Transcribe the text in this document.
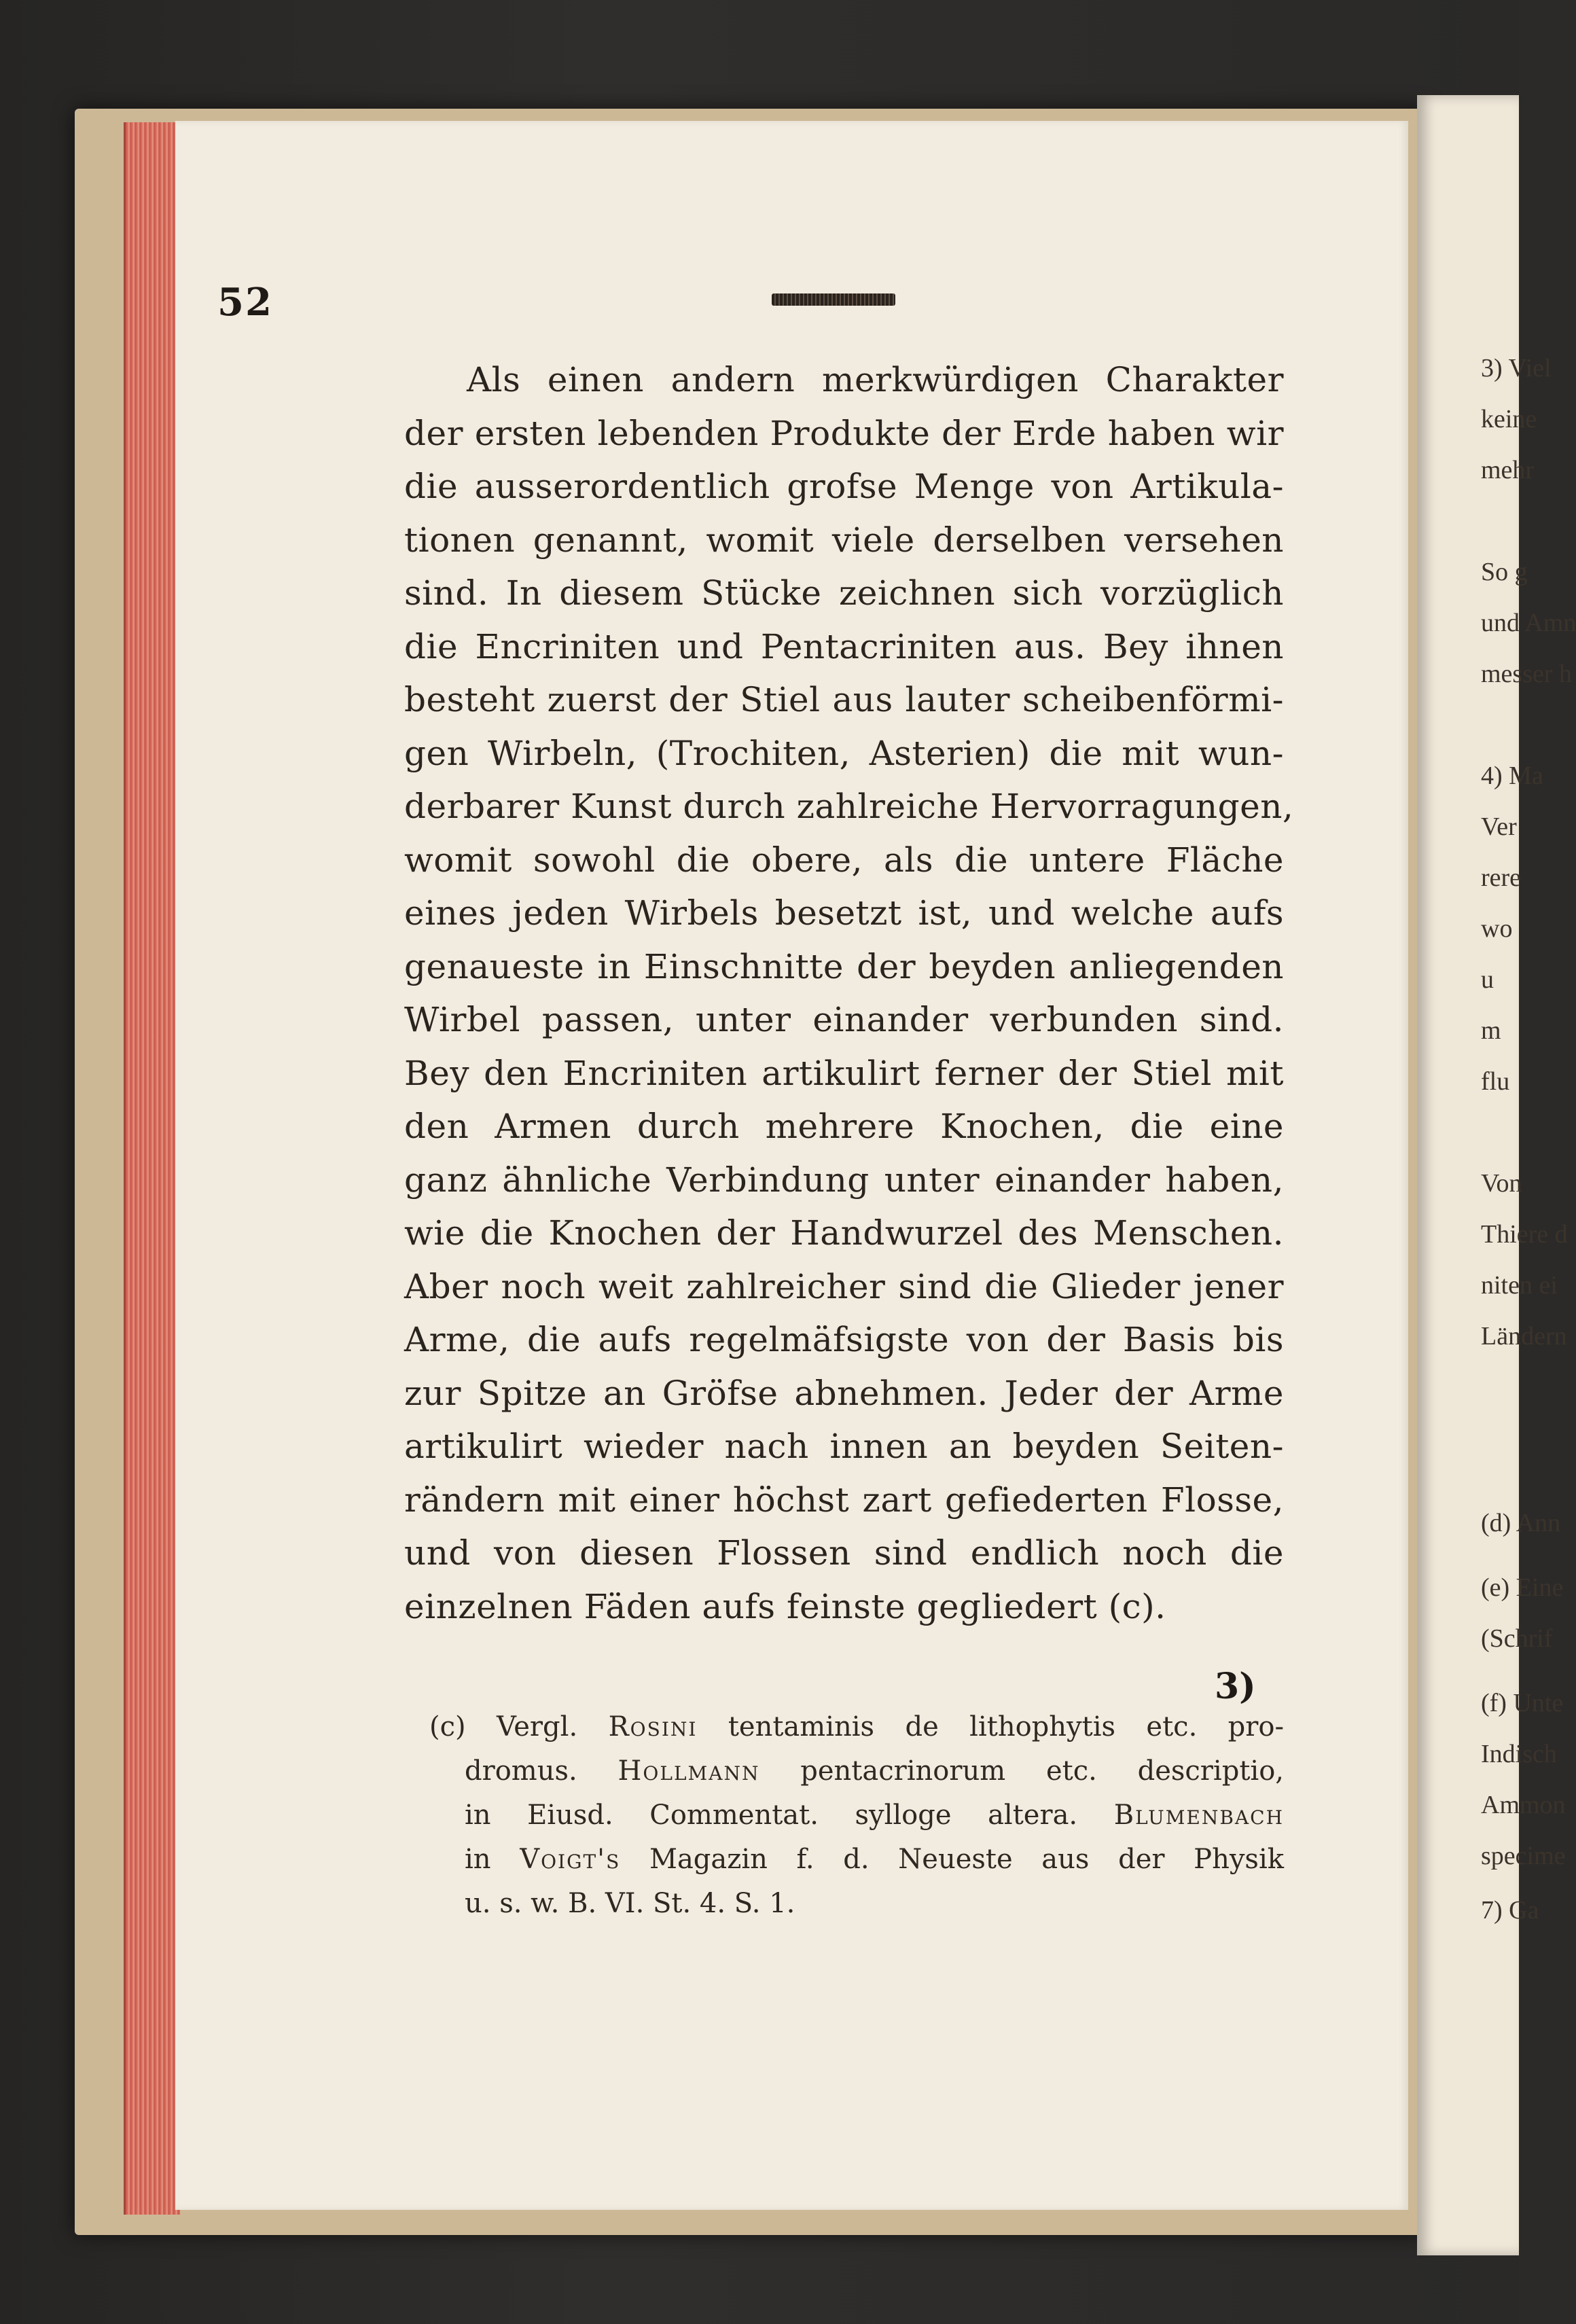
3) Viel
keine
mehr
So g
und Amn
messer h
4) Ma
Ver
rere
wo
u
m
flu
Von
Thiere d
niten ei
Ländern
(d) Ann
(e) Eine
(Schrif
(f) Unte
Indisch
Ammon
specime
7) Ga
52
Als einen andern merkwürdigen Charakter
der ersten lebenden Produkte der Erde haben wir
die ausserordentlich grofse Menge von Artikula-
tionen genannt, womit viele derselben versehen
sind. In diesem Stücke zeichnen sich vorzüglich
die Encriniten und Pentacriniten aus. Bey ihnen
besteht zuerst der Stiel aus lauter scheibenförmi-
gen Wirbeln, (Trochiten, Asterien) die mit wun-
derbarer Kunst durch zahlreiche Hervorragungen,
womit sowohl die obere, als die untere Fläche
eines jeden Wirbels besetzt ist, und welche aufs
genaueste in Einschnitte der beyden anliegenden
Wirbel passen, unter einander verbunden sind.
Bey den Encriniten artikulirt ferner der Stiel mit
den Armen durch mehrere Knochen, die eine
ganz ähnliche Verbindung unter einander haben,
wie die Knochen der Handwurzel des Menschen.
Aber noch weit zahlreicher sind die Glieder jener
Arme, die aufs regelmäfsigste von der Basis bis
zur Spitze an Gröfse abnehmen. Jeder der Arme
artikulirt wieder nach innen an beyden Seiten-
rändern mit einer höchst zart gefiederten Flosse,
und von diesen Flossen sind endlich noch die
einzelnen Fäden aufs feinste gegliedert (c).
3)
(c) Vergl. Rosini tentaminis de lithophytis etc. pro-
dromus. Hollmann pentacrinorum etc. descriptio,
in Eiusd. Commentat. sylloge altera. Blumenbach
in Voigt's Magazin f. d. Neueste aus der Physik
u. s. w. B. VI. St. 4. S. 1.
